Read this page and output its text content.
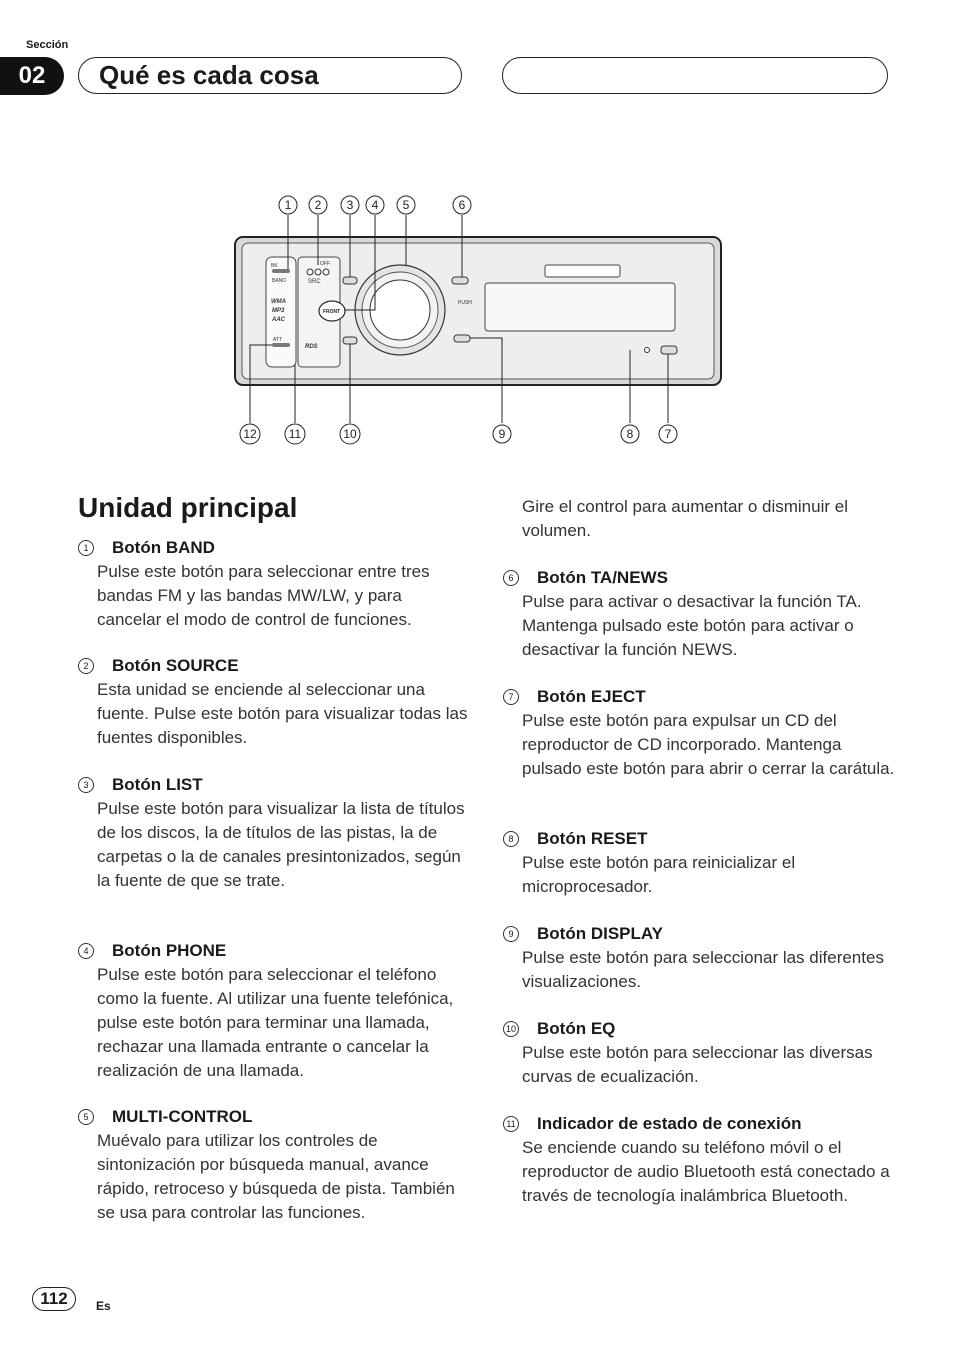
Sección
02	Qué es cada cosa
BK
BAND
WMA
MP3
AAC
ATT
OFF
SRC
FRONT
RDS
PUSH
1 2 3 4 5	6
12	11	10	9	8	7
Unidad principal
1	Botón BAND
Pulse este botón para seleccionar entre tres bandas FM y las bandas MW/LW, y para cancelar el modo de control de funciones.
2	Botón SOURCE
Esta unidad se enciende al seleccionar una fuente. Pulse este botón para visualizar todas las fuentes disponibles.
3	Botón LIST
Pulse este botón para visualizar la lista de títulos de los discos, la de títulos de las pistas, la de carpetas o la de canales presintonizados, según la fuente de que se trate.
4	Botón PHONE
Pulse este botón para seleccionar el teléfono como la fuente. Al utilizar una fuente telefónica, pulse este botón para terminar una llamada, rechazar una llamada entrante o cancelar la realización de una llamada.
5	MULTI-CONTROL
Muévalo para utilizar los controles de sintonización por búsqueda manual, avance rápido, retroceso y búsqueda de pista. También se usa para controlar las funciones.
Gire el control para aumentar o disminuir el volumen.
6	Botón TA/NEWS
Pulse para activar o desactivar la función TA. Mantenga pulsado este botón para activar o desactivar la función NEWS.
7	Botón EJECT
Pulse este botón para expulsar un CD del reproductor de CD incorporado. Mantenga pulsado este botón para abrir o cerrar la carátula.
8	Botón RESET
Pulse este botón para reinicializar el microprocesador.
9	Botón DISPLAY
Pulse este botón para seleccionar las diferentes visualizaciones.
10 Botón EQ
Pulse este botón para seleccionar las diversas curvas de ecualización.
11 Indicador de estado de conexión
Se enciende cuando su teléfono móvil o el reproductor de audio Bluetooth está conectado a través de tecnología inalámbrica Bluetooth.
112	Es
